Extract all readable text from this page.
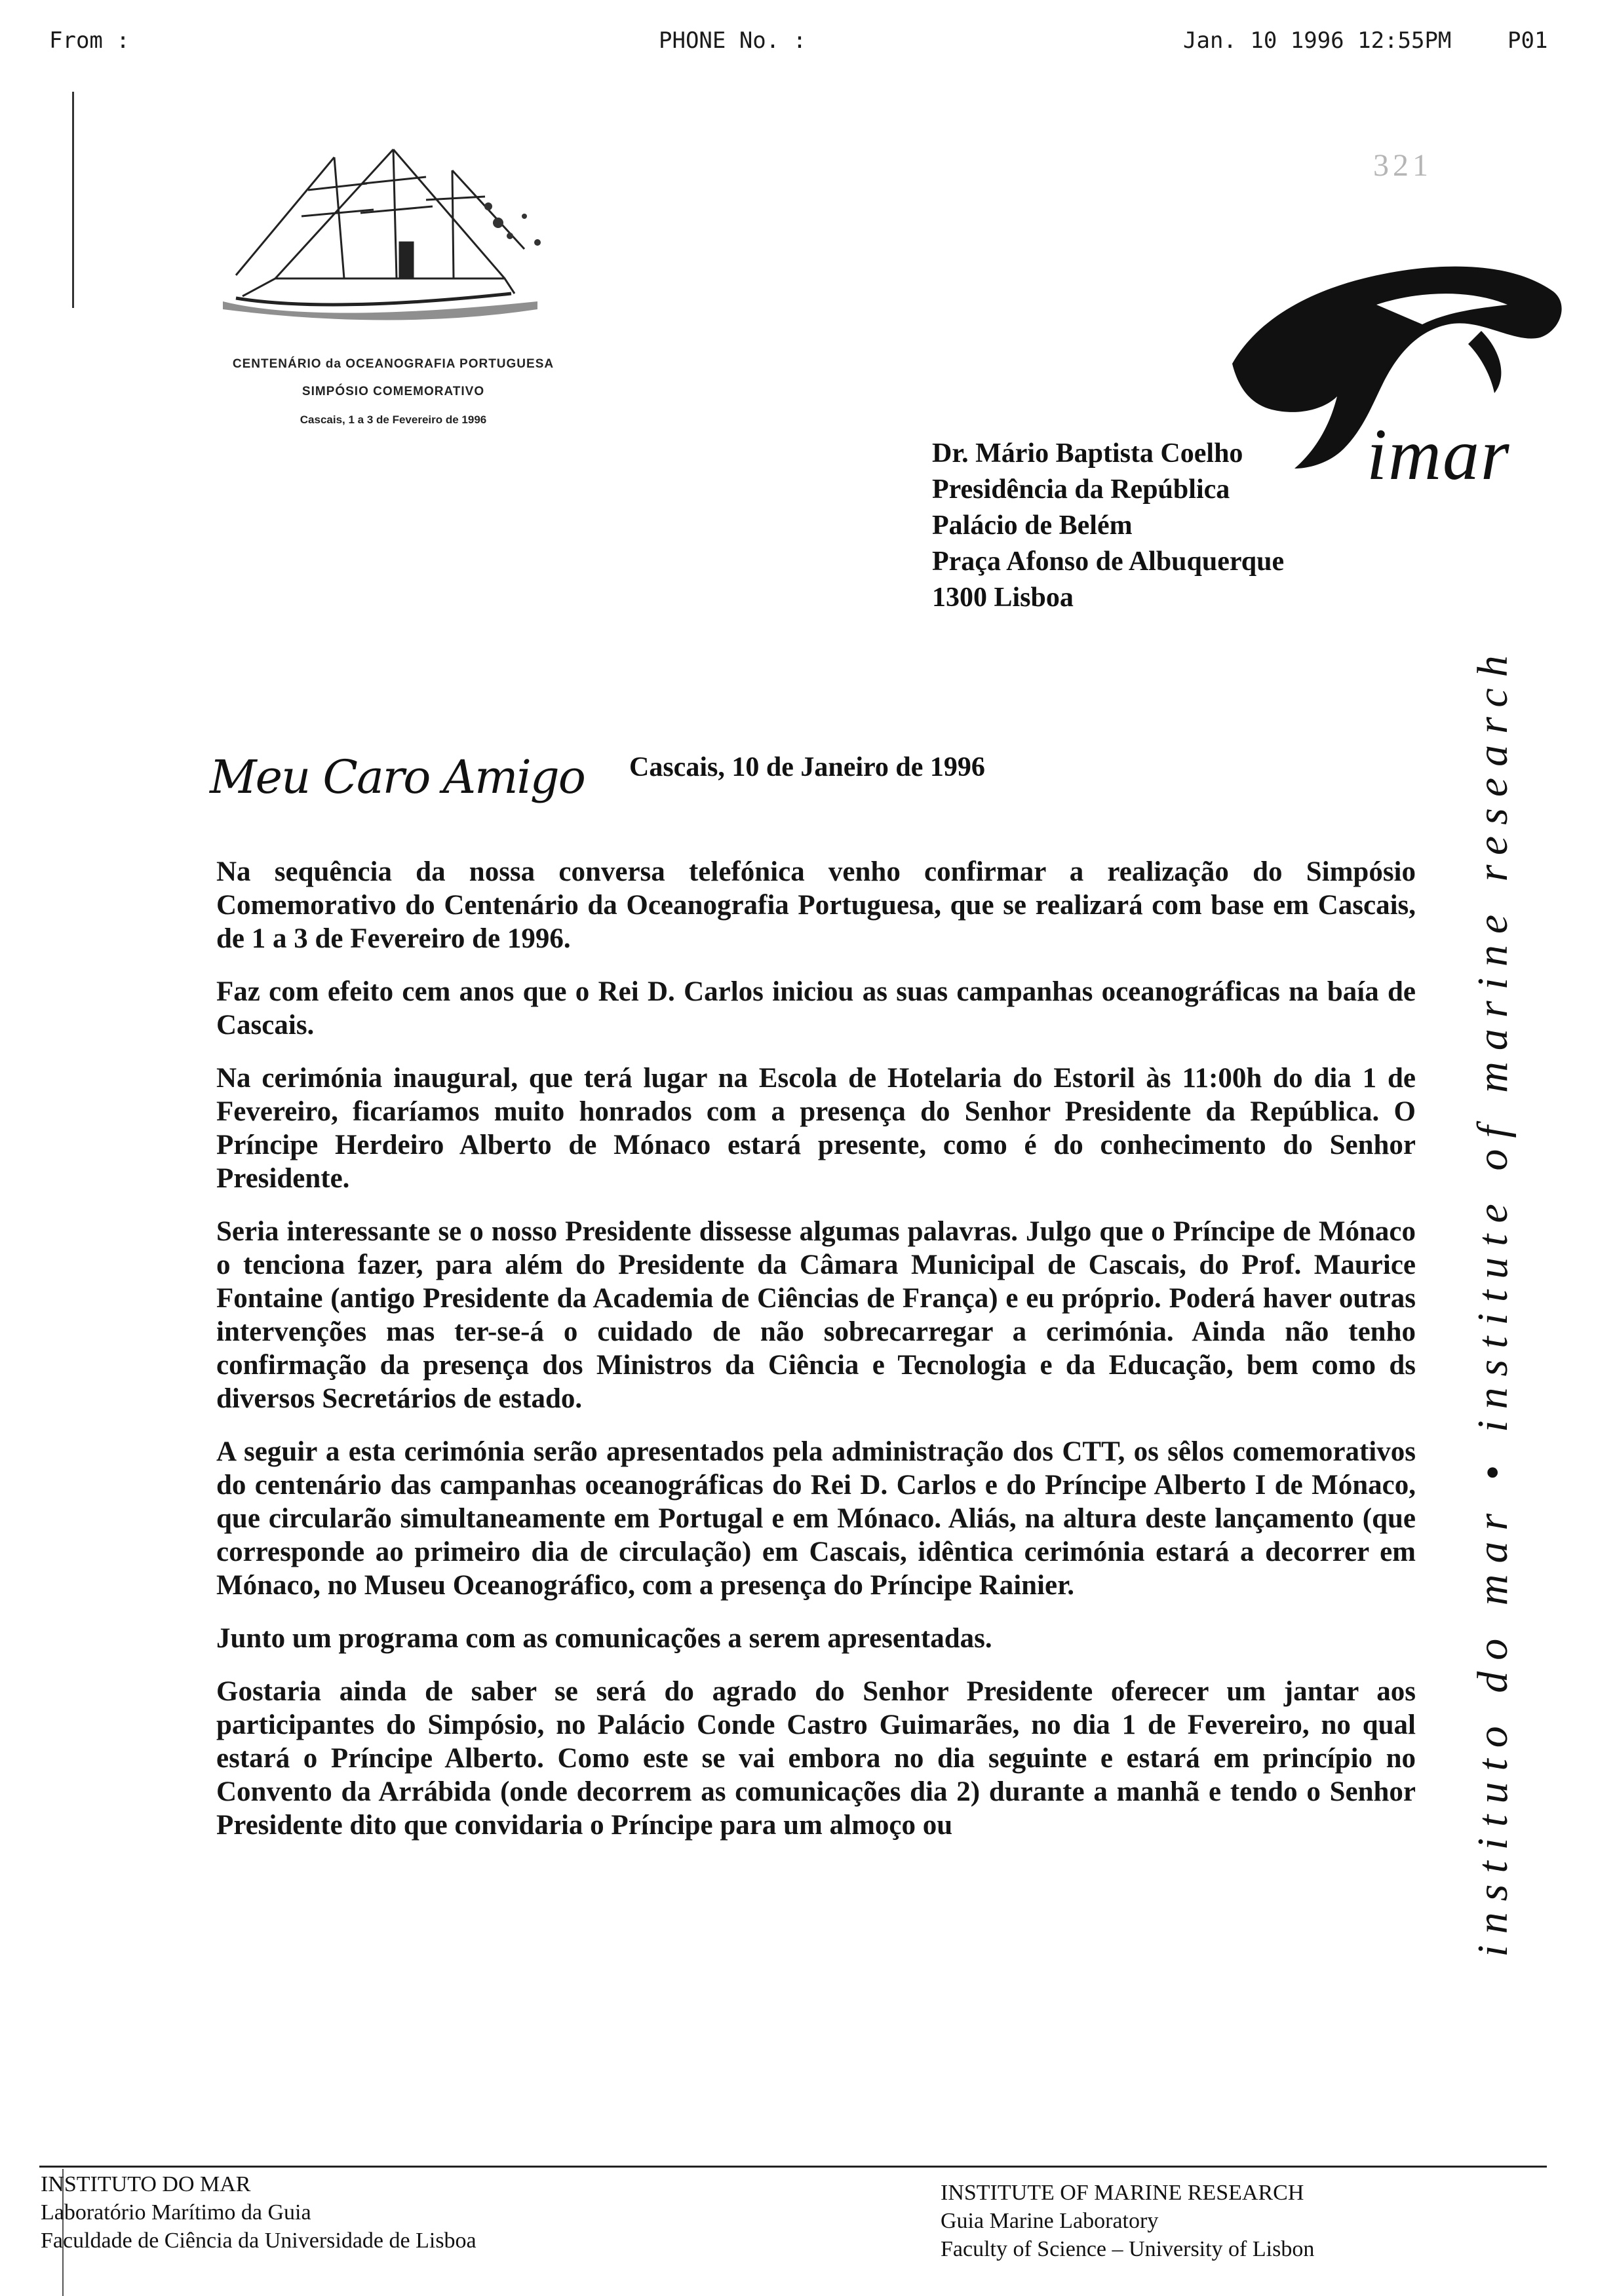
From :	PHONE No. :	Jan. 10 1996 12:55PM	P01
CENTENÁRIO da OCEANOGRAFIA PORTUGUESA
SIMPÓSIO COMEMORATIVO
Cascais, 1 a 3 de Fevereiro de 1996
321
imar
instituto do mar • institute of marine research
Dr. Mário Baptista Coelho
Presidência da República
Palácio de Belém
Praça Afonso de Albuquerque
1300 Lisboa
Meu Caro Amigo Cascais, 10 de Janeiro de 1996

Na sequência da nossa conversa telefónica venho confirmar a realização do Simpósio Comemorativo do Centenário da Oceanografia Portuguesa, que se realizará com base em Cascais, de 1 a 3 de Fevereiro de 1996.

Faz com efeito cem anos que o Rei D. Carlos iniciou as suas campanhas oceanográficas na baía de Cascais.

Na cerimónia inaugural, que terá lugar na Escola de Hotelaria do Estoril às 11:00h do dia 1 de Fevereiro, ficaríamos muito honrados com a presença do Senhor Presidente da República. O Príncipe Herdeiro Alberto de Mónaco estará presente, como é do conhecimento do Senhor Presidente.

Seria interessante se o nosso Presidente dissesse algumas palavras. Julgo que o Príncipe de Mónaco o tenciona fazer, para além do Presidente da Câmara Municipal de Cascais, do Prof. Maurice Fontaine (antigo Presidente da Academia de Ciências de França) e eu próprio. Poderá haver outras intervenções mas ter-se-á o cuidado de não sobrecarregar a cerimónia. Ainda não tenho confirmação da presença dos Ministros da Ciência e Tecnologia e da Educação, bem como ds diversos Secretários de estado.

A seguir a esta cerimónia serão apresentados pela administração dos CTT, os sêlos comemorativos do centenário das campanhas oceanográficas do Rei D. Carlos e do Príncipe Alberto I de Mónaco, que circularão simultaneamente em Portugal e em Mónaco. Aliás, na altura deste lançamento (que corresponde ao primeiro dia de circulação) em Cascais, idêntica cerimónia estará a decorrer em Mónaco, no Museu Oceanográfico, com a presença do Príncipe Rainier.

Junto um programa com as comunicações a serem apresentadas.

Gostaria ainda de saber se será do agrado do Senhor Presidente oferecer um jantar aos participantes do Simpósio, no Palácio Conde Castro Guimarães, no dia 1 de Fevereiro, no qual estará o Príncipe Alberto. Como este se vai embora no dia seguinte e estará em princípio no Convento da Arrábida (onde decorrem as comunicações dia 2) durante a manhã e tendo o Senhor Presidente dito que convidaria o Príncipe para um almoço ou

INSTITUTO DO MAR
Laboratório Marítimo da Guia
Faculdade de Ciência da Universidade de Lisboa
INSTITUTE OF MARINE RESEARCH
Guia Marine Laboratory
Faculty of Science – University of Lisbon
